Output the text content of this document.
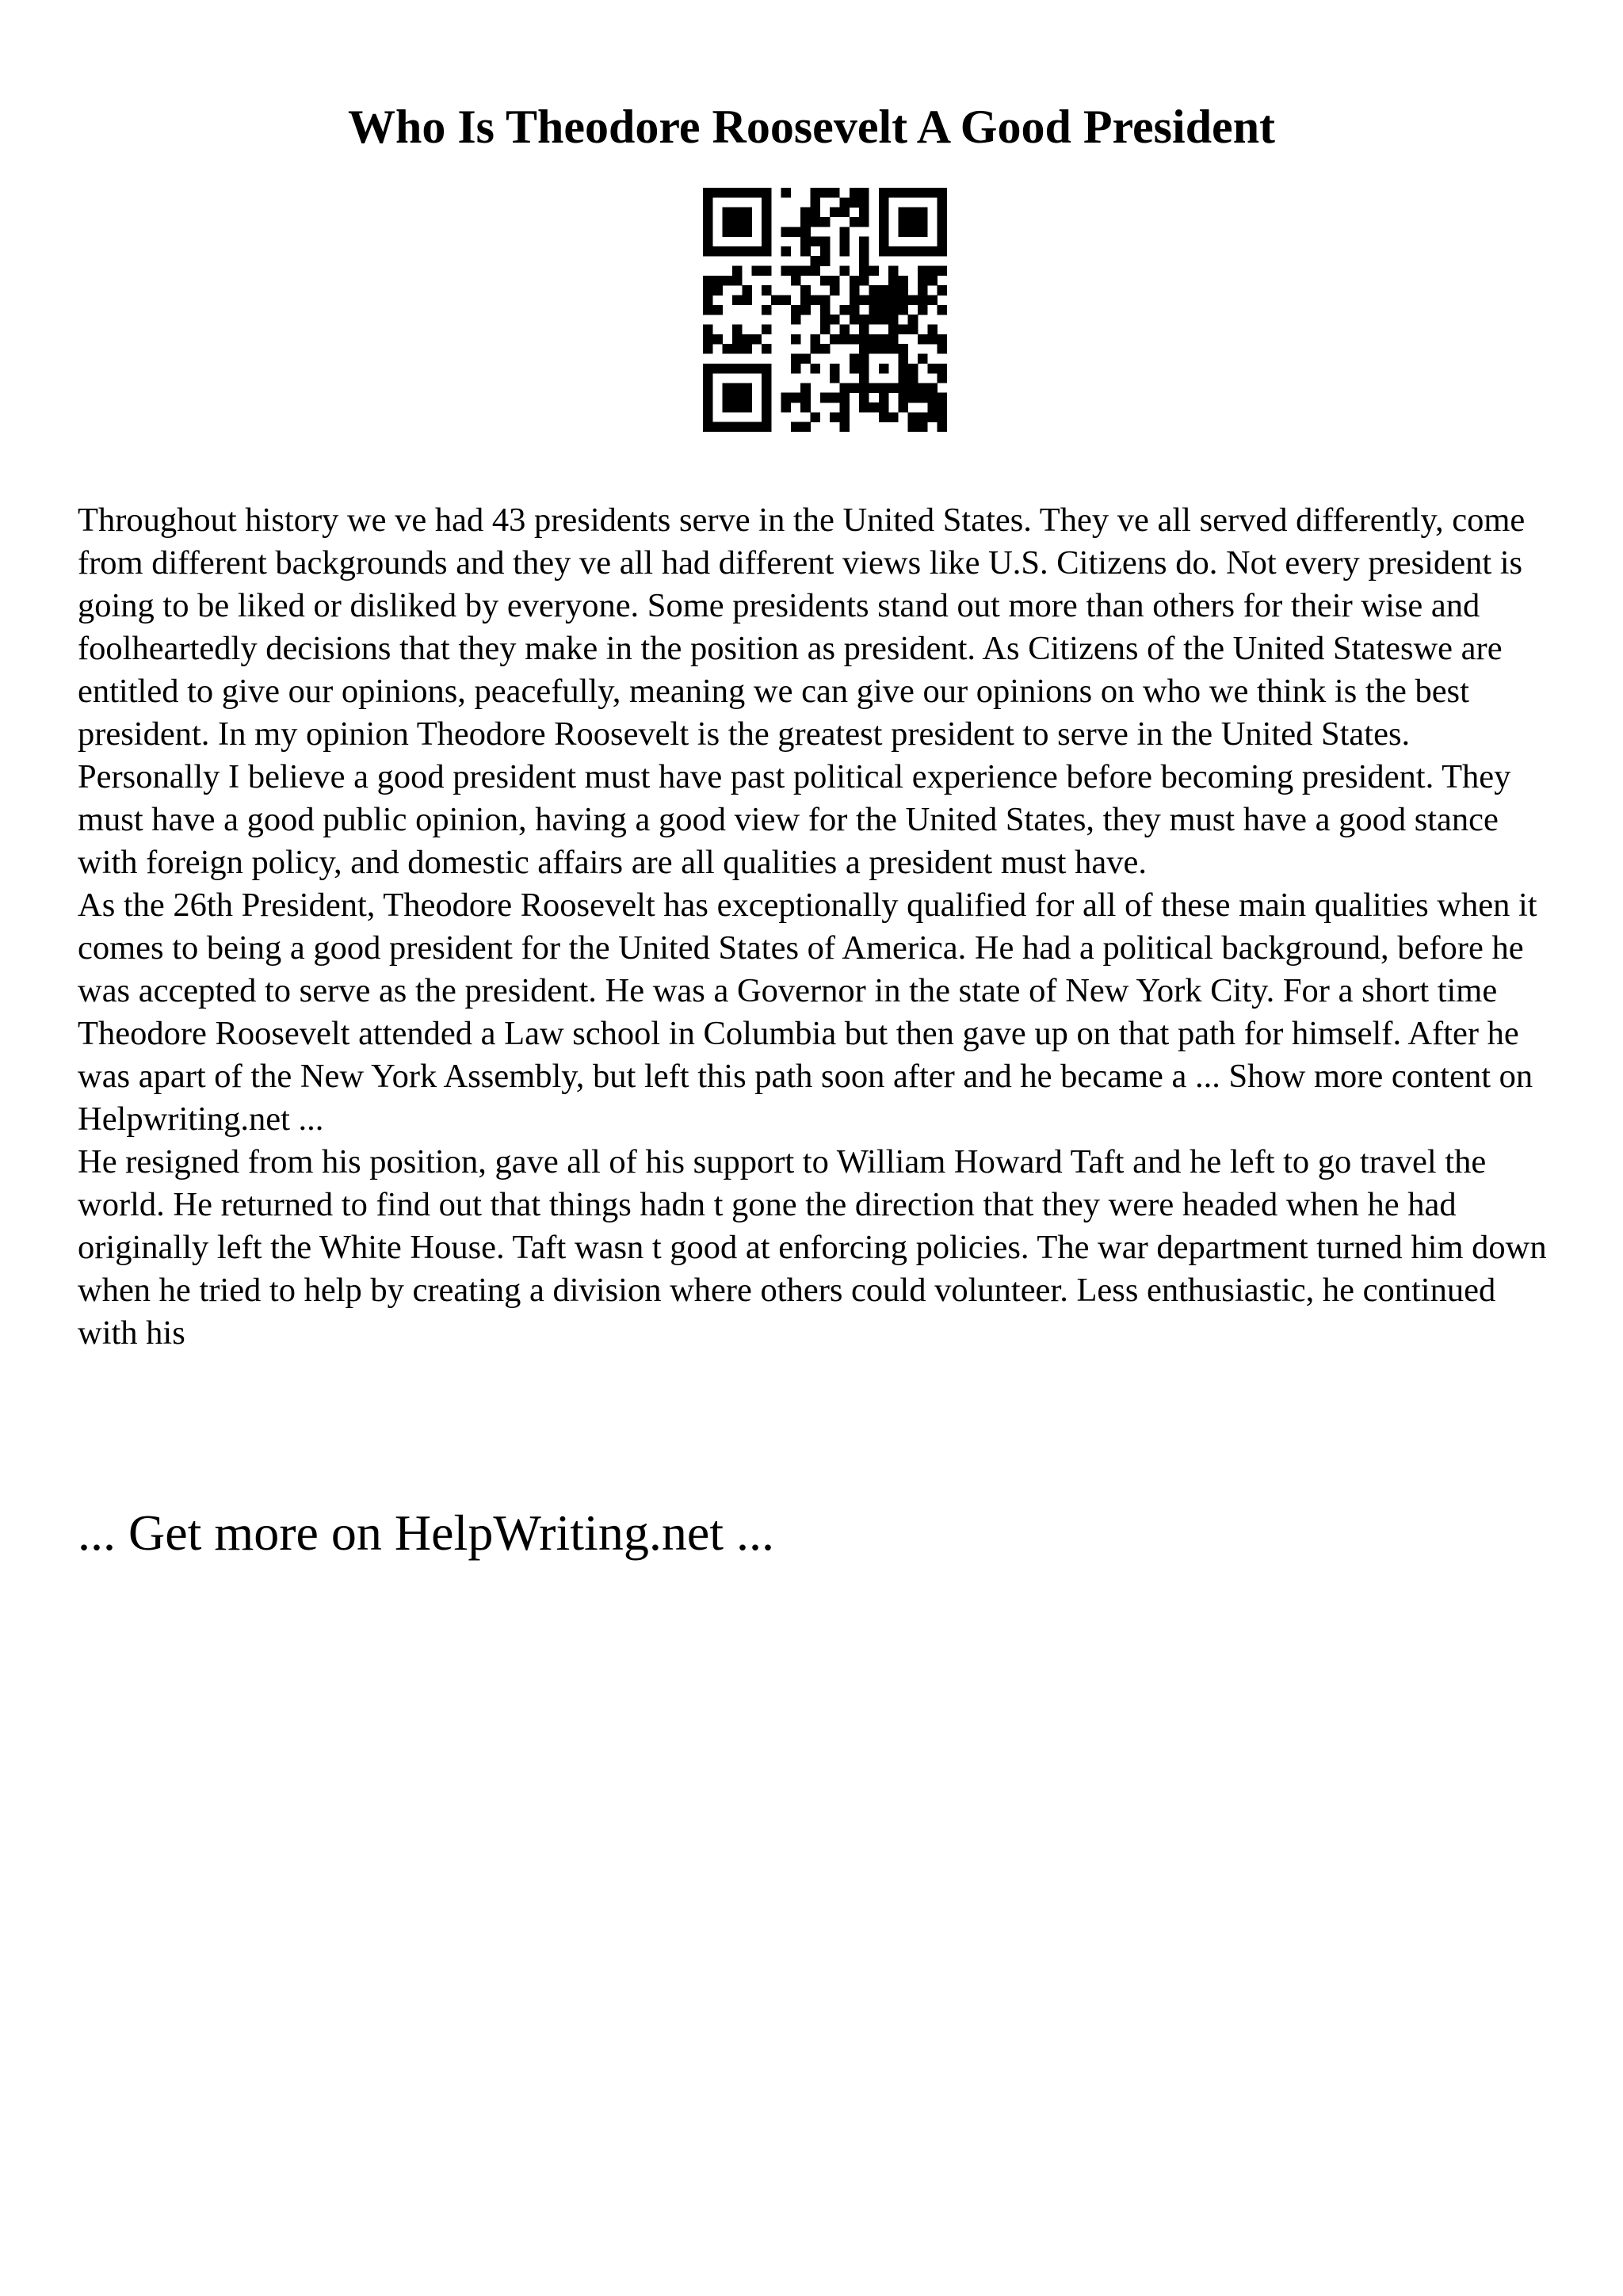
Who Is Theodore Roosevelt A Good President

Throughout history we ve had 43 presidents serve in the United States. They ve all served differently, come from different backgrounds and they ve all had different views like U.S. Citizens do. Not every president is going to be liked or disliked by everyone. Some presidents stand out more than others for their wise and foolheartedly decisions that they make in the position as president. As Citizens of the United Stateswe are entitled to give our opinions, peacefully, meaning we can give our opinions on who we think is the best president. In my opinion Theodore Roosevelt is the greatest president to serve in the United States.

Personally I believe a good president must have past political experience before becoming president. They must have a good public opinion, having a good view for the United States, they must have a good stance with foreign policy, and domestic affairs are all qualities a president must have.

As the 26th President, Theodore Roosevelt has exceptionally qualified for all of these main qualities when it comes to being a good president for the United States of America. He had a political background, before he was accepted to serve as the president. He was a Governor in the state of New York City. For a short time Theodore Roosevelt attended a Law school in Columbia but then gave up on that path for himself. After he was apart of the New York Assembly, but left this path soon after and he became a ... Show more content on Helpwriting.net ...

He resigned from his position, gave all of his support to William Howard Taft and he left to go travel the world. He returned to find out that things hadn t gone the direction that they were headed when he had originally left the White House. Taft wasn t good at enforcing policies. The war department turned him down when he tried to help by creating a division where others could volunteer. Less enthusiastic, he continued with his

... Get more on HelpWriting.net ...
